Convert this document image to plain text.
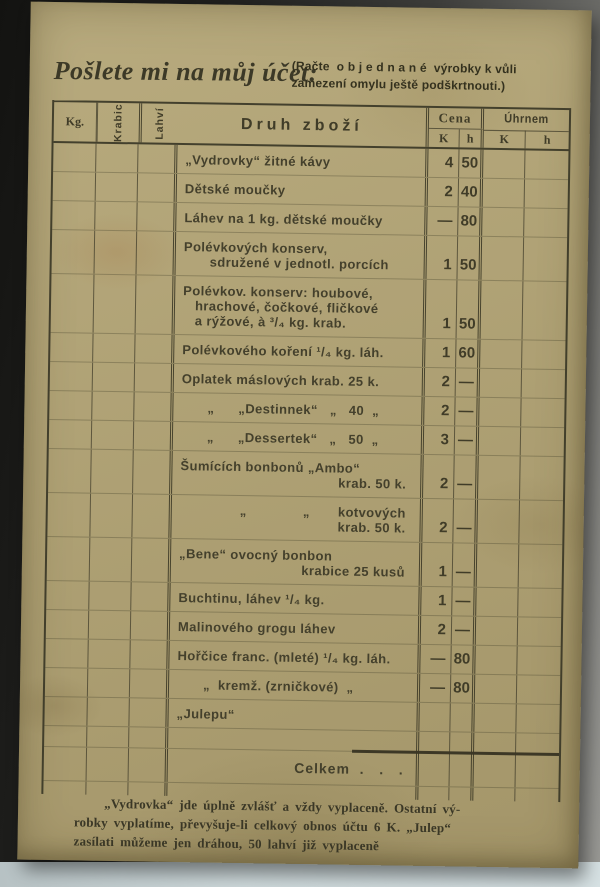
Pošlete mi na můj účet:
(Račte  o b j e d n a n é  výrobky k vůli
zamezení omylu ještě podškrtnouti.)
Kg.	Krabic	Lahví	Druh zboží	Cena	Úhrnem
K	h	K	h
„Vydrovky“ žitné kávy	4 50
Dětské moučky	2 40
Láhev na 1 kg. dětské moučky	— 80
Polévkových konserv,
sdružené v jednotl. porcích	1 50
Polévkov. konserv: houbové,
hrachové, čočkové, fličkové
a rýžové, à ³/₄ kg. krab.	1 50
Polévkového koření ¹/₄ kg. láh.	1 60
Oplatek máslových krab. 25 k.	2 —
„      „Destinnek“   „   40  „	2 —
„      „Dessertek“   „   50  „	3 —
Šumících bonbonů „Ambo“
krab. 50 k.	2 —
„              „       kotvových
krab. 50 k.	2 —
„Bene“ ovocný bonbon
krabice 25 kusů	1 —
Buchtinu, láhev ¹/₄ kg.	1 —
Malinového grogu láhev	2 —
Hořčice franc. (mleté) ¹/₄ kg. láh.	— 80
„  kremž. (zrničkové)  „	— 80
„Julepu“
Celkem  .   .   .
„Vydrovka“ jde úplně zvlášť a vždy vyplaceně. Ostatní vý-
robky vyplatíme, převyšuje-li celkový obnos účtu 6 K. „Julep“
zasílati můžeme jen dráhou, 50 lahví již vyplaceně
